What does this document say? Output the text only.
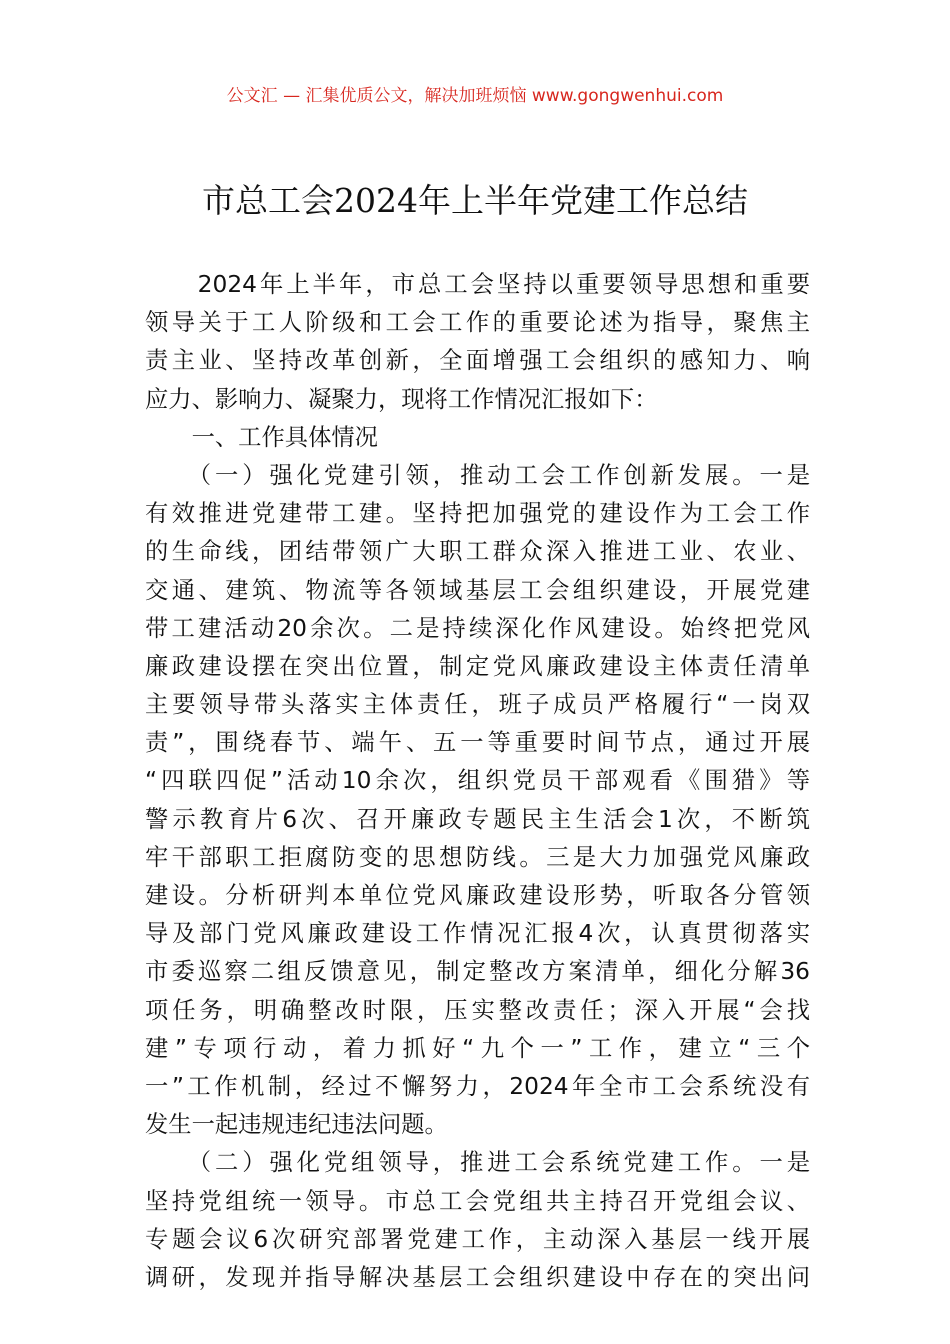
公文汇 — 汇集优质公文，解决加班烦恼 www.gongwenhui.com
市总工会2024年上半年党建工作总结
　　2024年上半年，市总工会坚持以重要领导思想和重要
领导关于工人阶级和工会工作的重要论述为指导，聚焦主
责主业、坚持改革创新，全面增强工会组织的感知力、响
应力、影响力、凝聚力，现将工作情况汇报如下：
　　一、工作具体情况
　　（一）强化党建引领，推动工会工作创新发展。一是
有效推进党建带工建。坚持把加强党的建设作为工会工作
的生命线，团结带领广大职工群众深入推进工业、农业、
交通、建筑、物流等各领域基层工会组织建设，开展党建
带工建活动20余次。二是持续深化作风建设。始终把党风
廉政建设摆在突出位置，制定党风廉政建设主体责任清单
主要领导带头落实主体责任，班子成员严格履行“一岗双
责”，围绕春节、端午、五一等重要时间节点，通过开展
“四联四促”活动10余次，组织党员干部观看《围猎》等
警示教育片6次、召开廉政专题民主生活会1次，不断筑
牢干部职工拒腐防变的思想防线。三是大力加强党风廉政
建设。分析研判本单位党风廉政建设形势，听取各分管领
导及部门党风廉政建设工作情况汇报4次，认真贯彻落实
市委巡察二组反馈意见，制定整改方案清单，细化分解36
项任务，明确整改时限，压实整改责任；深入开展“会找
建”专项行动，着力抓好“九个一”工作，建立“三个
一”工作机制，经过不懈努力，2024年全市工会系统没有
发生一起违规违纪违法问题。
　　（二）强化党组领导，推进工会系统党建工作。一是
坚持党组统一领导。市总工会党组共主持召开党组会议、
专题会议6次研究部署党建工作，主动深入基层一线开展
调研，发现并指导解决基层工会组织建设中存在的突出问
